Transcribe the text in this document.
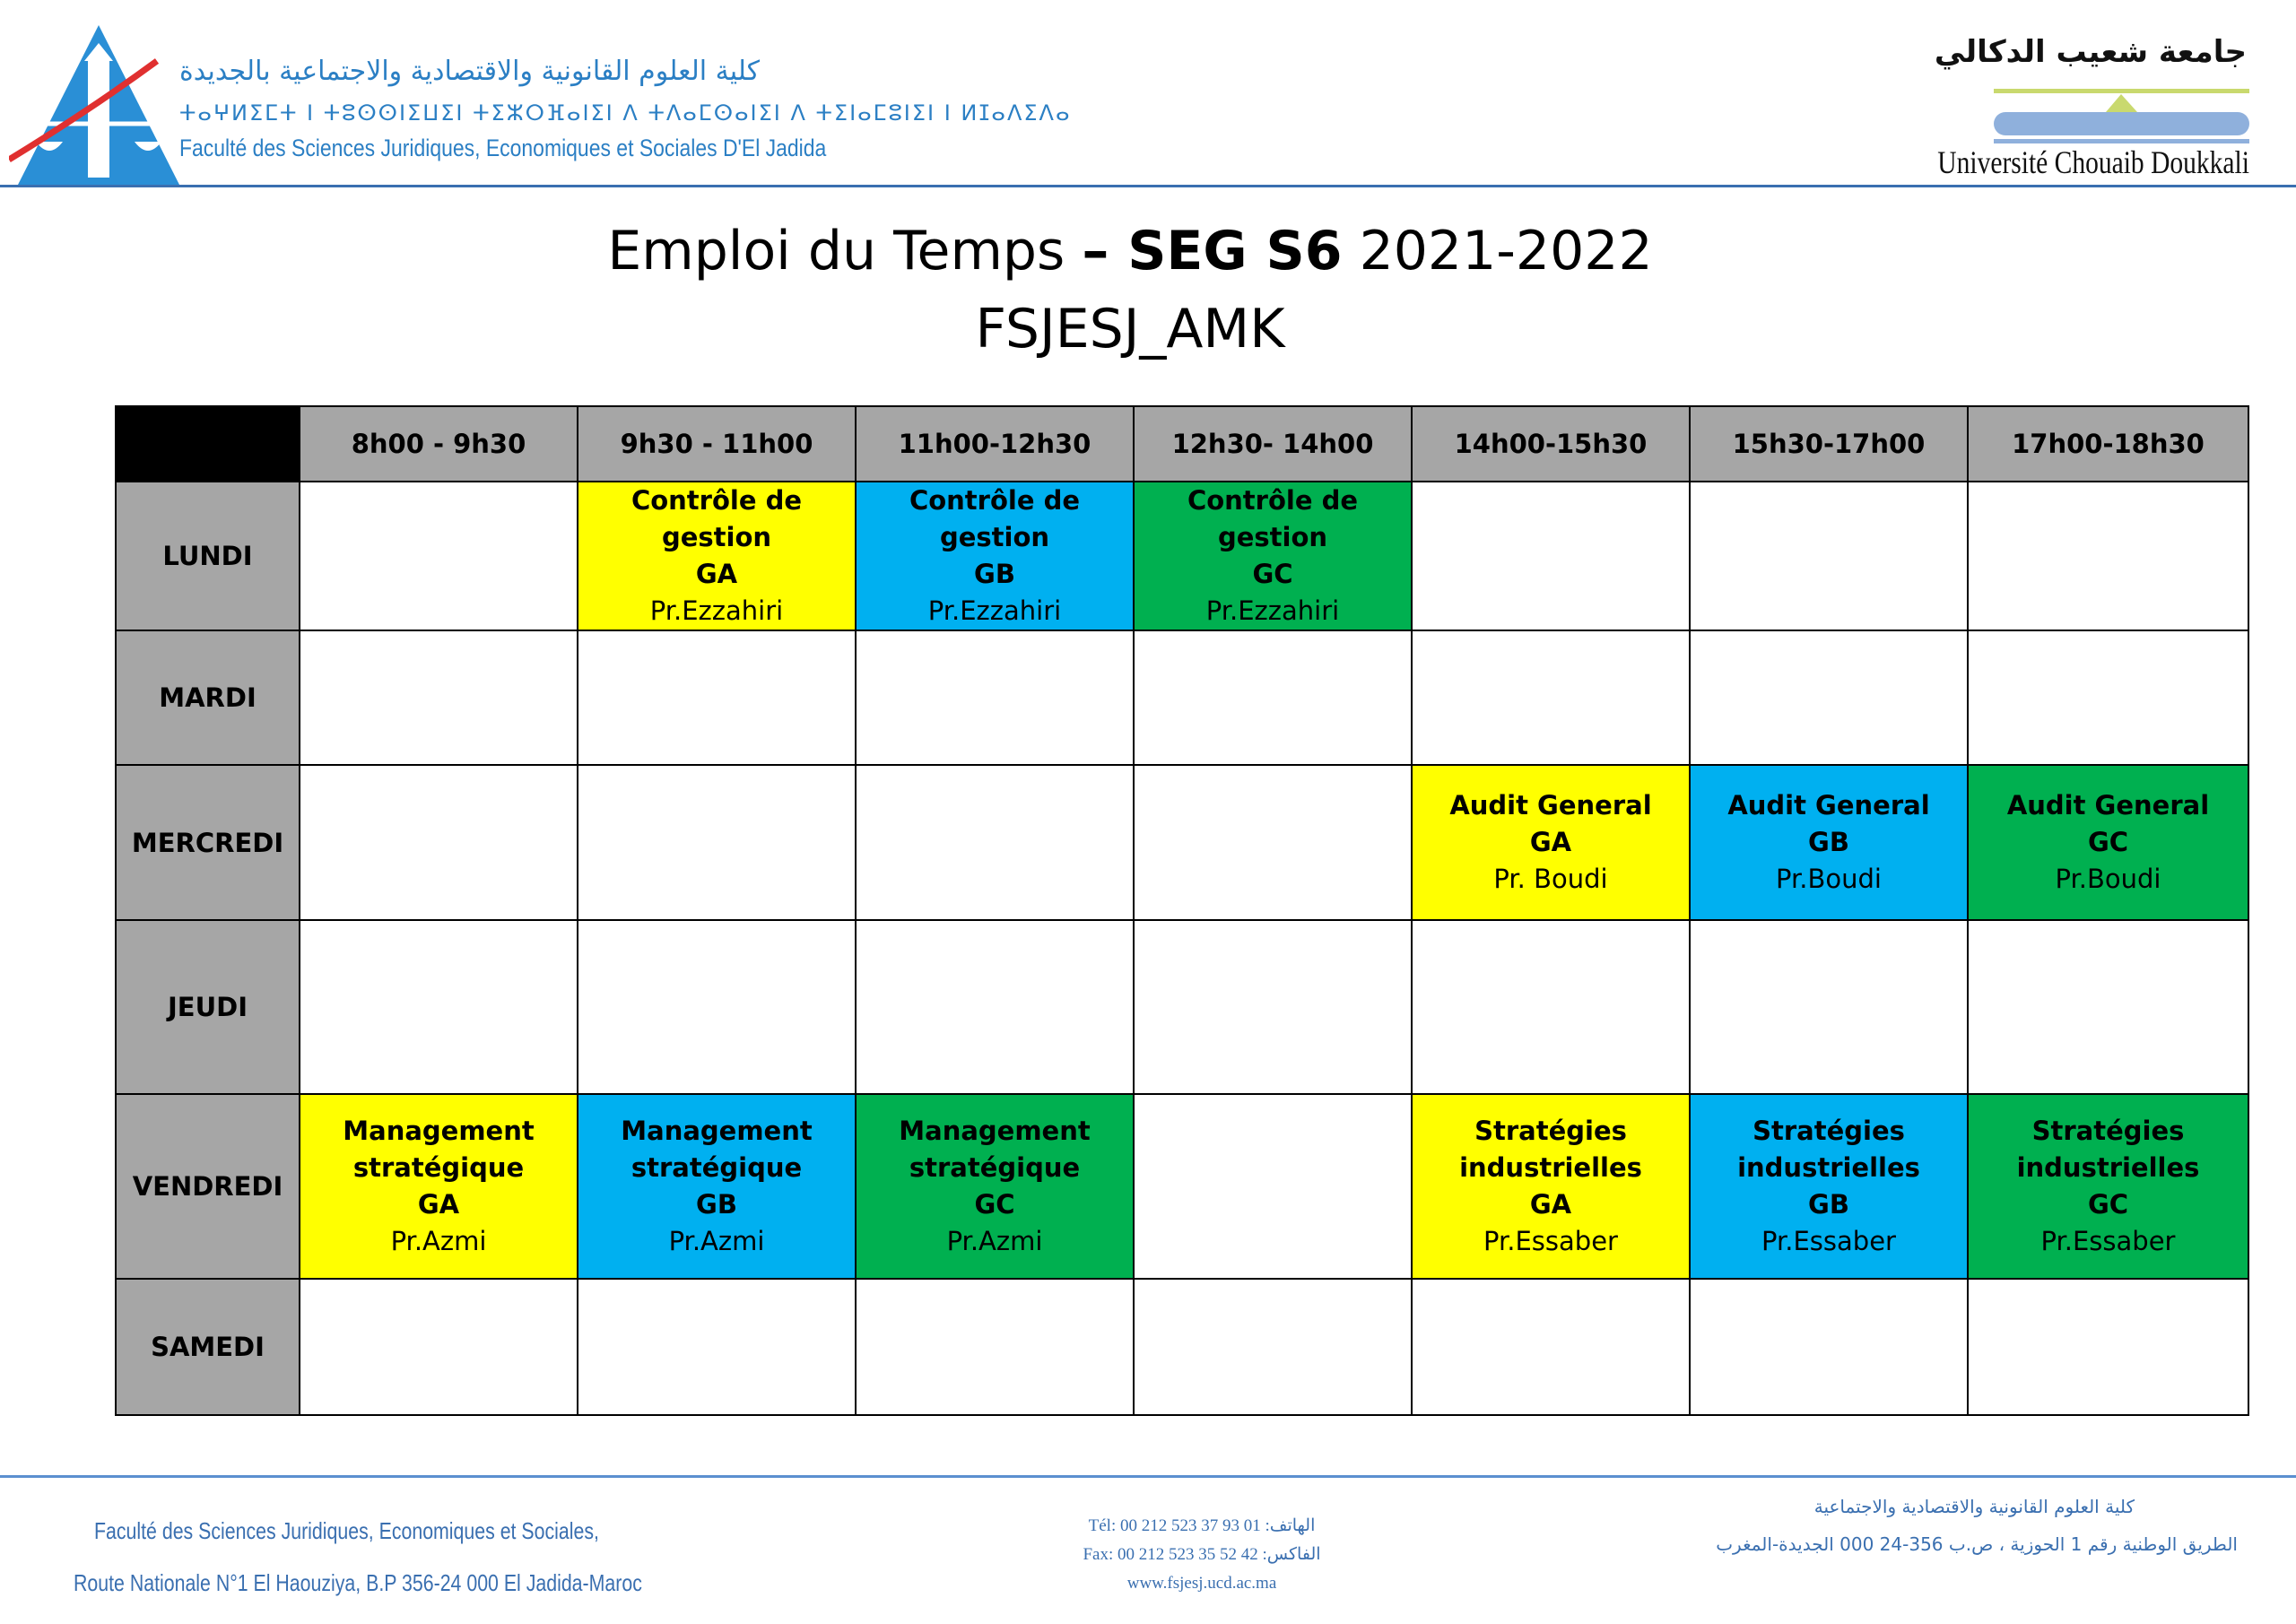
كلية العلوم القانونية والاقتصادية والاجتماعية بالجديدة
ⵜⴰⵖⵍⵉⵎⵜ ⵏ ⵜⵓⵙⵙⵏⵉⵡⵉⵏ ⵜⵉⵣⵔⴼⴰⵏⵉⵏ ⴷ ⵜⴷⴰⵎⵙⴰⵏⵉⵏ ⴷ ⵜⵉⵏⴰⵎⵓⵏⵉⵏ ⵏ ⵍⵊⴰⴷⵉⴷⴰ
Faculté des Sciences Juridiques, Economiques et Sociales D'El Jadida
جامعة شعيب الدكالي
Université Chouaib Doukkali
Emploi du Temps – SEG S6 2021-2022
FSJESJ_AMK
	8h00 - 9h30	9h30 - 11h00	11h00-12h30	12h30- 14h00	14h00-15h30	15h30-17h00	17h00-18h30
LUNDI		Contrôle de gestion
GA
Pr.Ezzahiri	Contrôle de gestion
GB
Pr.Ezzahiri	Contrôle de gestion
GC
Pr.Ezzahiri			

MARDI							
MERCREDI					Audit General
GA
Pr. Boudi	Audit General
GB
Pr.Boudi	Audit General
GC
Pr.Boudi

JEUDI							
VENDREDI	Management
stratégique
GA
Pr.Azmi	Management
stratégique
GB
Pr.Azmi	Management
stratégique
GC
Pr.Azmi		Stratégies
industrielles
GA
Pr.Essaber	Stratégies
industrielles
GB
Pr.Essaber	Stratégies
industrielles
GC
Pr.Essaber

SAMEDI							
Faculté des Sciences Juridiques, Economiques et Sociales,
Route Nationale N°1 El Haouziya, B.P 356-24 000 El Jadida-Maroc
Tél: 00 212 523 37 93 01 :الهاتف
Fax: 00 212 523 35 52 42 :الفاكس
www.fsjesj.ucd.ac.ma
كلية العلوم القانونية والاقتصادية والاجتماعية
الطريق الوطنية رقم 1 الحوزية ، ص.ب 356-24 000 الجديدة-المغرب
